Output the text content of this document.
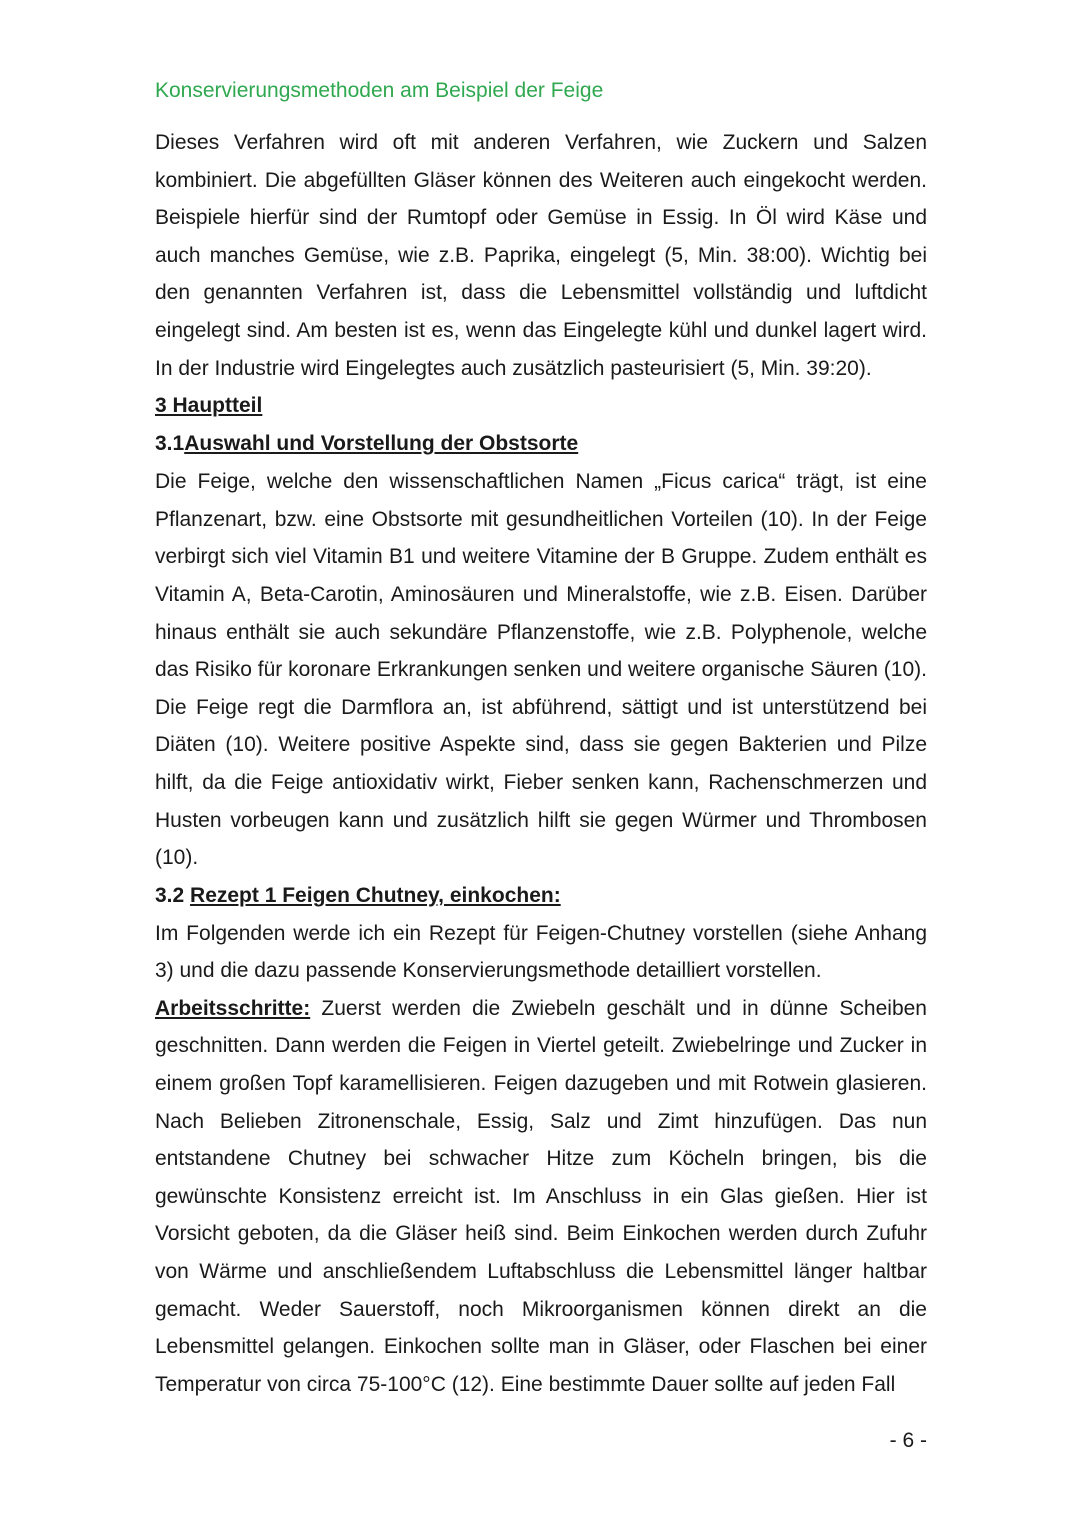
Konservierungsmethoden am Beispiel der Feige

Dieses Verfahren wird oft mit anderen Verfahren, wie Zuckern und Salzen kombiniert. Die abgefüllten Gläser können des Weiteren auch eingekocht werden. Beispiele hierfür sind der Rumtopf oder Gemüse in Essig. In Öl wird Käse und auch manches Gemüse, wie z.B. Paprika, eingelegt (5, Min. 38:00). Wichtig bei den genannten Verfahren ist, dass die Lebensmittel vollständig und luftdicht eingelegt sind. Am besten ist es, wenn das Eingelegte kühl und dunkel lagert wird. In der Industrie wird Eingelegtes auch zusätzlich pasteurisiert (5, Min. 39:20).

3 Hauptteil
3.1Auswahl und Vorstellung der Obstsorte

Die Feige, welche den wissenschaftlichen Namen „Ficus carica“ trägt, ist eine Pflanzenart, bzw. eine Obstsorte mit gesundheitlichen Vorteilen (10). In der Feige verbirgt sich viel Vitamin B1 und weitere Vitamine der B Gruppe. Zudem enthält es Vitamin A, Beta-Carotin, Aminosäuren und Mineralstoffe, wie z.B. Eisen. Darüber hinaus enthält sie auch sekundäre Pflanzenstoffe, wie z.B. Polyphenole, welche das Risiko für koronare Erkrankungen senken und weitere organische Säuren (10). Die Feige regt die Darmflora an, ist abführend, sättigt und ist unterstützend bei Diäten (10). Weitere positive Aspekte sind, dass sie gegen Bakterien und Pilze hilft, da die Feige antioxidativ wirkt, Fieber senken kann, Rachenschmerzen und Husten vorbeugen kann und zusätzlich hilft sie gegen Würmer und Thrombosen (10).

3.2 Rezept 1 Feigen Chutney, einkochen:

Im Folgenden werde ich ein Rezept für Feigen-Chutney vorstellen (siehe Anhang 3) und die dazu passende Konservierungsmethode detailliert vorstellen.

Arbeitsschritte: Zuerst werden die Zwiebeln geschält und in dünne Scheiben geschnitten. Dann werden die Feigen in Viertel geteilt. Zwiebelringe und Zucker in einem großen Topf karamellisieren. Feigen dazugeben und mit Rotwein glasieren. Nach Belieben Zitronenschale, Essig, Salz und Zimt hinzufügen. Das nun entstandene Chutney bei schwacher Hitze zum Köcheln bringen, bis die gewünschte Konsistenz erreicht ist. Im Anschluss in ein Glas gießen. Hier ist Vorsicht geboten, da die Gläser heiß sind. Beim Einkochen werden durch Zufuhr von Wärme und anschließendem Luftabschluss die Lebensmittel länger haltbar gemacht. Weder Sauerstoff, noch Mikroorganismen können direkt an die Lebensmittel gelangen. Einkochen sollte man in Gläser, oder Flaschen bei einer Temperatur von circa 75-100°C (12). Eine bestimmte Dauer sollte auf jeden Fall

- 6 -
